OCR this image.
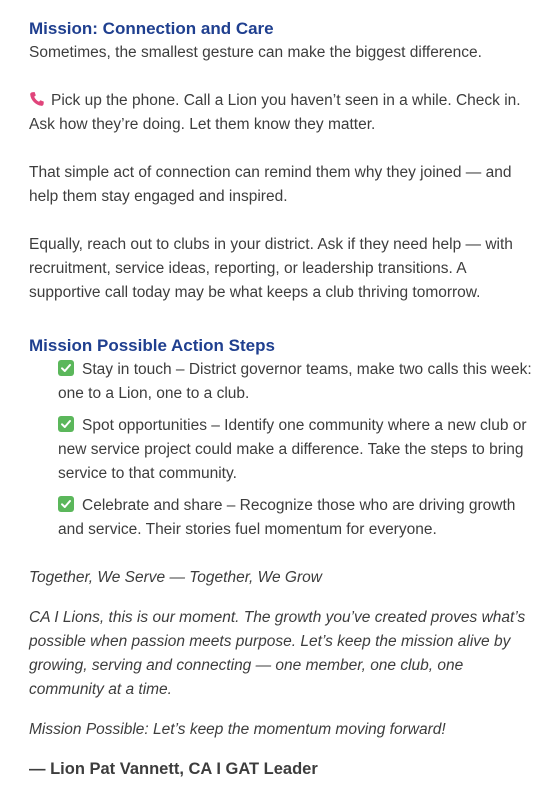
Mission: Connection and Care

Sometimes, the smallest gesture can make the biggest difference.

Pick up the phone. Call a Lion you haven’t seen in a while. Check in. Ask how they’re doing. Let them know they matter.

That simple act of connection can remind them why they joined — and help them stay engaged and inspired.

Equally, reach out to clubs in your district. Ask if they need help — with recruitment, service ideas, reporting, or leadership transitions. A supportive call today may be what keeps a club thriving tomorrow.

Mission Possible Action Steps
Stay in touch – District governor teams, make two calls this week: one to a Lion, one to a club.
Spot opportunities – Identify one community where a new club or new service project could make a difference. Take the steps to bring service to that community.
Celebrate and share – Recognize those who are driving growth and service. Their stories fuel momentum for everyone.

Together, We Serve — Together, We Grow

CA I Lions, this is our moment. The growth you’ve created proves what’s possible when passion meets purpose. Let’s keep the mission alive by growing, serving and connecting — one member, one club, one community at a time.

Mission Possible: Let’s keep the momentum moving forward!

— Lion Pat Vannett, CA I GAT Leader
